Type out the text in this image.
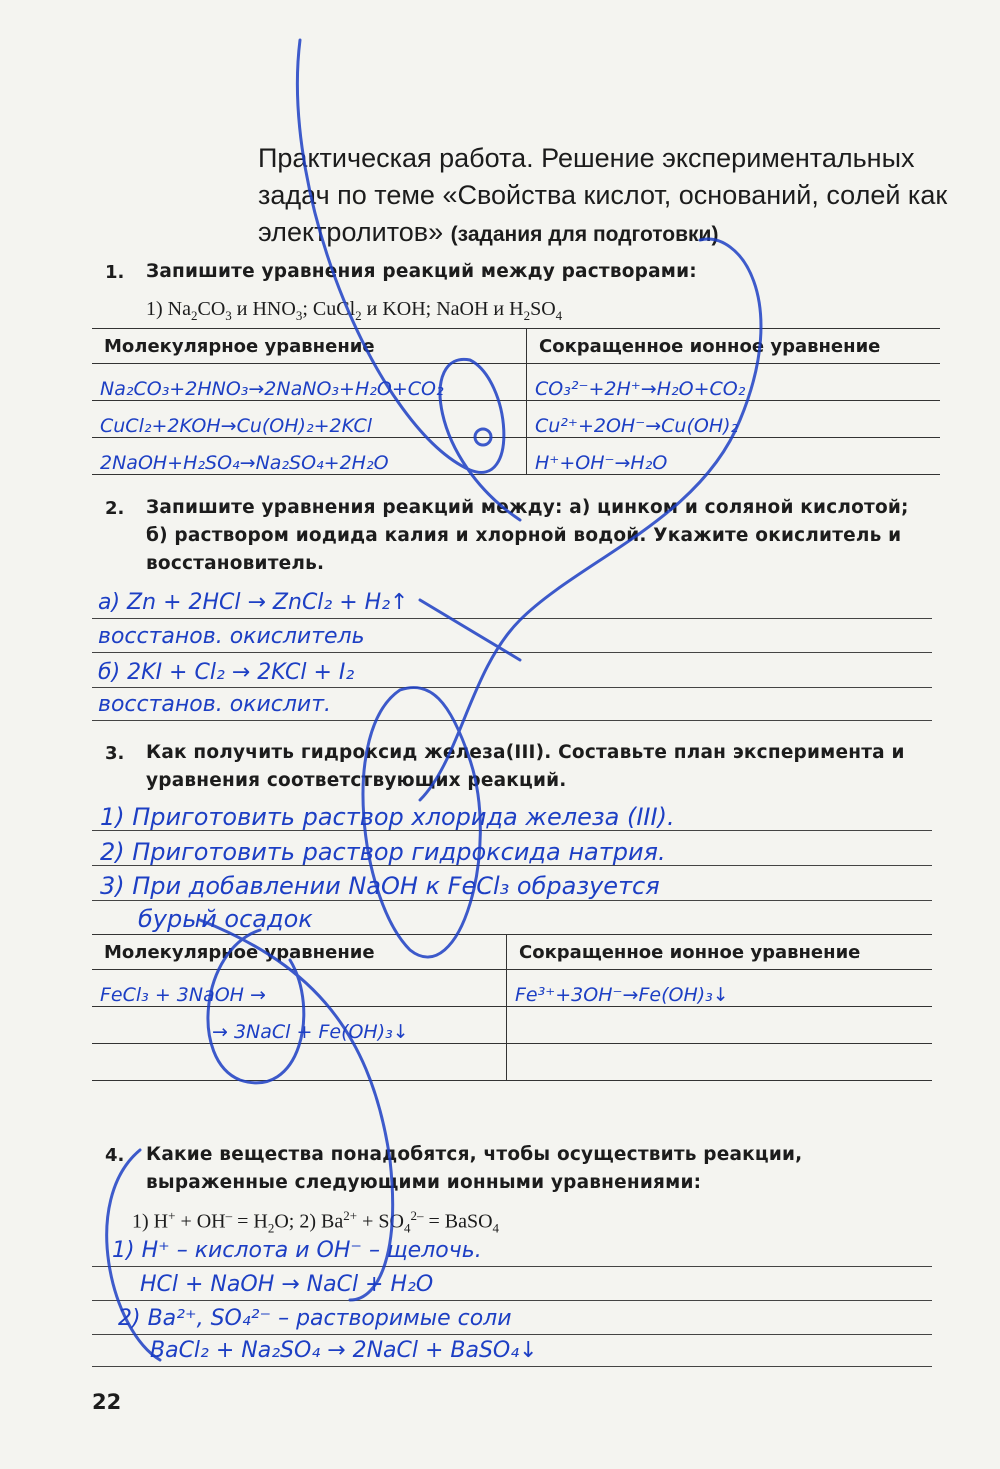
Практическая работа. Решение экспериментальных задач по теме «Свойства кислот, оснований, солей как электролитов» (задания для подготовки)
1. Запишите уравнения реакций между растворами:
1) $Na_2CO_3$ и $HNO_3$; CuCl$_2$ и KOH; NaOH и $H_2SO_4$
Молекулярное уравнение	Сокращенное ионное уравнение
Na₂CO₃+2HNO₃→2NaNO₃+H₂O+CO₂	CO₃²⁻+2H⁺→H₂O+CO₂
CuCl₂+2KOH→Cu(OH)₂+2KCl	Cu²⁺+2OH⁻→Cu(OH)₂
2NaOH+H₂SO₄→Na₂SO₄+2H₂O	H⁺+OH⁻→H₂O
2. Запишите уравнения реакций между: а) цинком и соляной кислотой; б) раствором иодида калия и хлорной водой. Укажите окислитель и восстановитель.
а) Zn + 2HCl → ZnCl₂ + H₂↑
восстанов. окислитель
б) 2KI + Cl₂ → 2KCl + I₂
восстанов. окислит.
3. Как получить гидроксид железа(III). Составьте план эксперимента и уравнения соответствующих реакций.
1) Приготовить раствор хлорида железа (III).
2) Приготовить раствор гидроксида натрия.
3) При добавлении NaOH к FeCl₃ образуется
бурый осадок
Молекулярное уравнение	Сокращенное ионное уравнение
FeCl₃ + 3NaOH →	Fe³⁺+3OH⁻→Fe(OH)₃↓
→ 3NaCl + Fe(OH)₃↓	

4. Какие вещества понадобятся, чтобы осуществить реакции, выраженные следующими ионными уравнениями:
1) $H^+ + OH^- = H_2O$; 2) $Ba^{2+} + SO_4^{2-}$ = BaSO$_4$
1) H⁺ – кислота и OH⁻ – щелочь.
HCl + NaOH → NaCl + H₂O
2) Ba²⁺, SO₄²⁻ – растворимые соли
BaCl₂ + Na₂SO₄ → 2NaCl + BaSO₄↓
22
